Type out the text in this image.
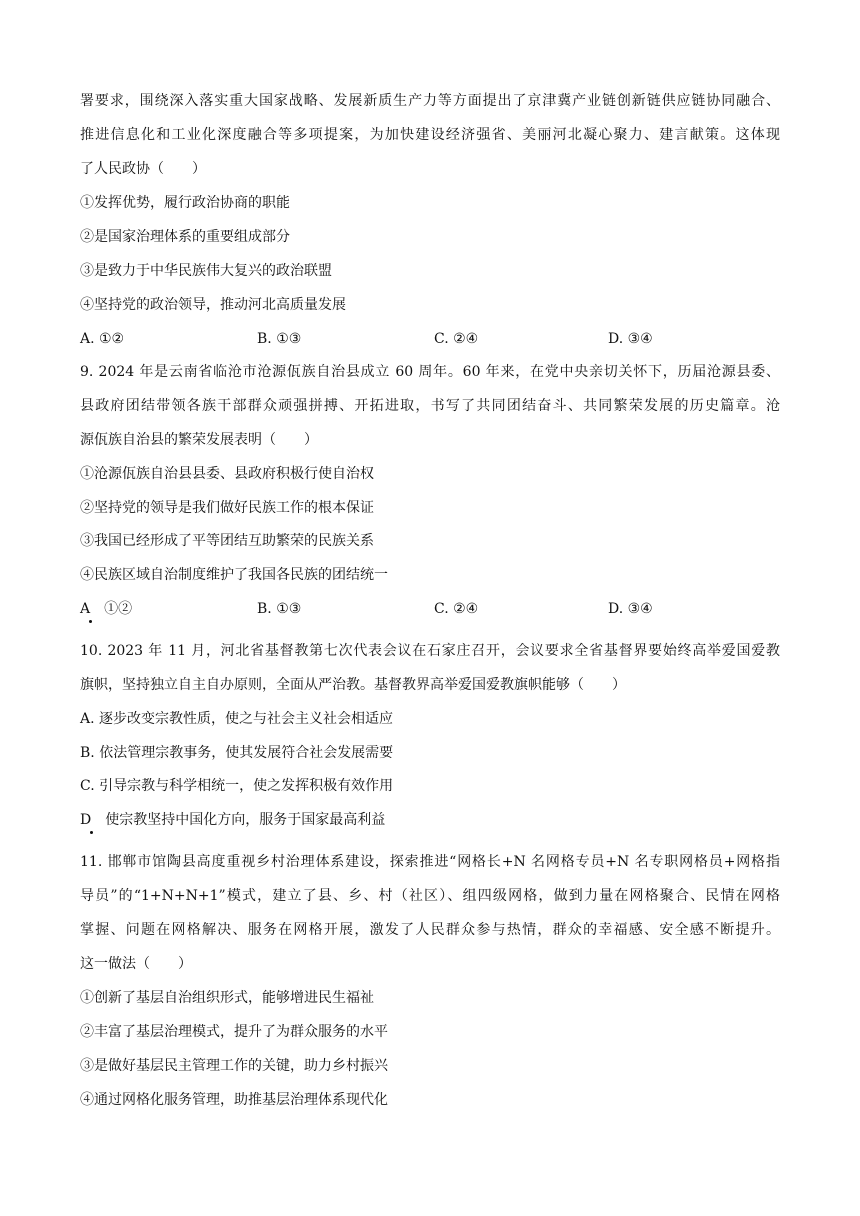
署要求，围绕深入落实重大国家战略、发展新质生产力等方面提出了京津冀产业链创新链供应链协同融合、
推进信息化和工业化深度融合等多项提案，为加快建设经济强省、美丽河北凝心聚力、建言献策。这体现
了人民政协（　　）
①发挥优势，履行政治协商的职能
②是国家治理体系的重要组成部分
③是致力于中华民族伟大复兴的政治联盟
④坚持党的政治领导，推动河北高质量发展
A. ①②	B. ①③	C. ②④	D. ③④
9. 2024 年是云南省临沧市沧源佤族自治县成立 60 周年。60 年来，在党中央亲切关怀下，历届沧源县委、
县政府团结带领各族干部群众顽强拼搏、开拓进取，书写了共同团结奋斗、共同繁荣发展的历史篇章。沧
源佤族自治县的繁荣发展表明（　　）
①沧源佤族自治县县委、县政府积极行使自治权
②坚持党的领导是我们做好民族工作的根本保证
③我国已经形成了平等团结互助繁荣的民族关系
④民族区域自治制度维护了我国各民族的团结统一
A　①②	B. ①③	C. ②④	D. ③④
10. 2023 年 11 月，河北省基督教第七次代表会议在石家庄召开，会议要求全省基督界要始终高举爱国爱教
旗帜，坚持独立自主自办原则，全面从严治教。基督教界高举爱国爱教旗帜能够（　　）
A. 逐步改变宗教性质，使之与社会主义社会相适应
B. 依法管理宗教事务，使其发展符合社会发展需要
C. 引导宗教与科学相统一，使之发挥积极有效作用
D　使宗教坚持中国化方向，服务于国家最高利益
11. 邯郸市馆陶县高度重视乡村治理体系建设，探索推进“网格长+N 名网格专员+N 名专职网格员+网格指
导员”的“1+N+N+1”模式，建立了县、乡、村（社区）、组四级网格，做到力量在网格聚合、民情在网格
掌握、问题在网格解决、服务在网格开展，激发了人民群众参与热情，群众的幸福感、安全感不断提升。
这一做法（　　）
①创新了基层自治组织形式，能够增进民生福祉
②丰富了基层治理模式，提升了为群众服务的水平
③是做好基层民主管理工作的关键，助力乡村振兴
④通过网格化服务管理，助推基层治理体系现代化
